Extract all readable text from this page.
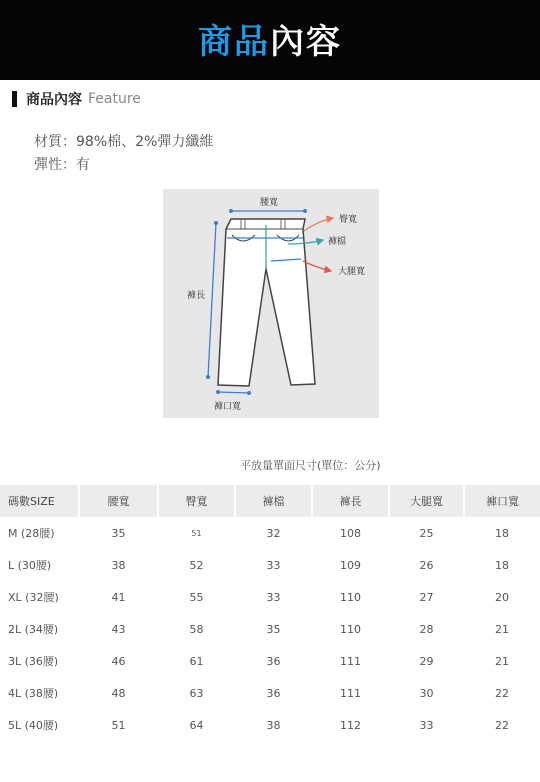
商品內容
商品內容 Feature
材質：98%棉、2%彈力纖維
彈性：有
腰寬
臀寬
褲檔
大腿寬
褲長
褲口寬
平放量單面尺寸(單位：公分)
碼數SIZE	腰寬	臀寬	褲檔	褲長	大腿寬	褲口寬
M (28腰)	35	51	32	108	25	18
L (30腰)	38	52	33	109	26	18
XL (32腰)	41	55	33	110	27	20
2L (34腰)	43	58	35	110	28	21
3L (36腰)	46	61	36	111	29	21
4L (38腰)	48	63	36	111	30	22
5L (40腰)	51	64	38	112	33	22
